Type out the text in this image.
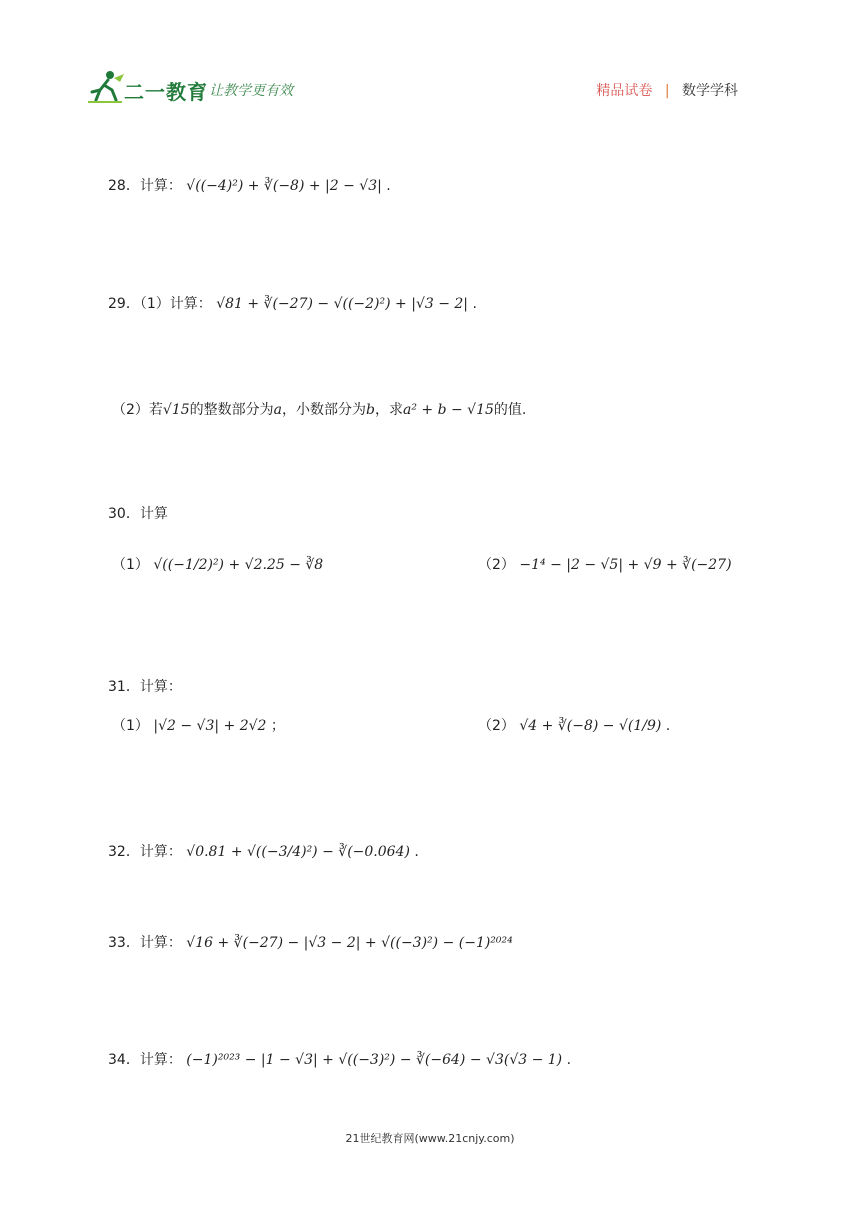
二一教育
/ 让教学更有效	精品试卷 | 数学学科
28．计算： √((−4)²) + ∛(−8) + |2 − √3| .
29．（1）计算： √81 + ∛(−27) − √((−2)²) + |√3 − 2| .
（2）若√15的整数部分为a，小数部分为b，求a² + b − √15的值.
30．计算
（1） √((−1/2)²) + √2.25 − ∛8	（2） −1⁴ − |2 − √5| + √9 + ∛(−27)
31．计算：
（1） |√2 − √3| + 2√2 ；	（2） √4 + ∛(−8) − √(1/9) .
32．计算： √0.81 + √((−3/4)²) − ∛(−0.064) .
33．计算： √16 + ∛(−27) − |√3 − 2| + √((−3)²) − (−1)²⁰²⁴
34．计算： (−1)²⁰²³ − |1 − √3| + √((−3)²) − ∛(−64) − √3(√3 − 1) .
21世纪教育网(www.21cnjy.com)
